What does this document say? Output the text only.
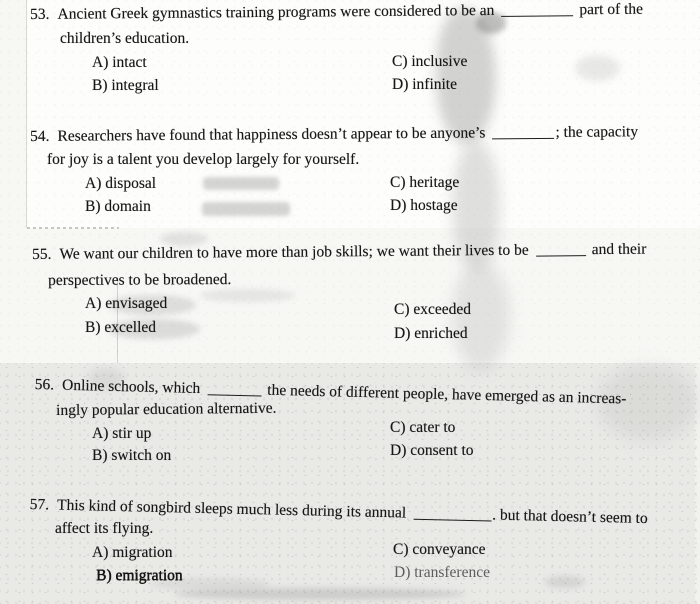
53. Ancient Greek gymnastics training programs were considered to be an	part of the
children’s education.
A) intact
B) integral
C) inclusive
D) infinite
54. Researchers have found that happiness doesn’t appear to be anyone’s	; the capacity
for joy is a talent you develop largely for yourself.
A) disposal
B) domain
C) heritage
D) hostage
55. We want our children to have more than job skills; we want their lives to be	and their
perspectives to be broadened.
A) envisaged
B) excelled
C) exceeded
D) enriched
56. Online schools, which	the needs of different people, have emerged as an increas-
ingly popular education alternative.
A) stir up
B) switch on
C) cater to
D) consent to
57. This kind of songbird sleeps much less during its annual	. but that doesn’t seem to
affect its flying.
A) migration
B) emigration
C) conveyance
D) transference
